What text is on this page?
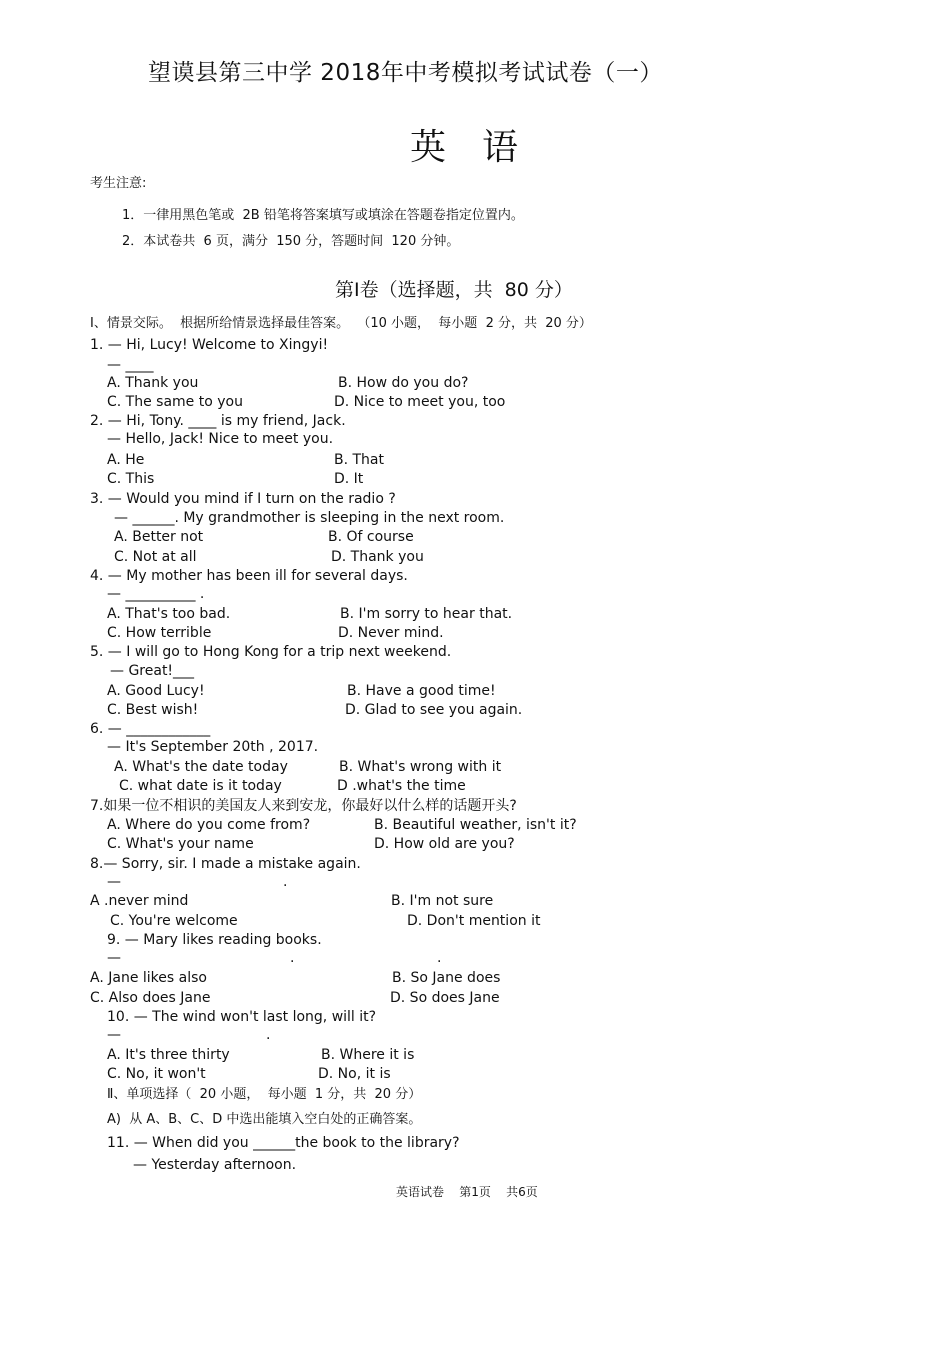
望谟县第三中学 2018年中考模拟考试试卷（一）
英　语
考生注意:
1．一律用黑色笔或  2B 铅笔将答案填写或填涂在答题卷指定位置内。
2．本试卷共  6 页，满分  150 分，答题时间  120 分钟。
第Ⅰ卷（选择题，共  80 分）
Ⅰ、情景交际。  根据所给情景选择最佳答案。  （10 小题，  每小题  2 分，共  20 分）
1. — Hi, Lucy! Welcome to Xingyi!
— ____
A. Thank you	B. How do you do?
C. The same to you	D. Nice to meet you, too
2. — Hi, Tony. ____ is my friend, Jack.
— Hello, Jack! Nice to meet you.
A. He	B. That
C. This	D. It
3. — Would you mind if I turn on the radio ?
— ______. My grandmother is sleeping in the next room.
A. Better not	B. Of course
C. Not at all	D. Thank you
4. — My mother has been ill for several days.
— __________ .
A. That's too bad.	B. I'm sorry to hear that.
C. How terrible	D. Never mind.
5. — I will go to Hong Kong for a trip next weekend.
— Great!___
A. Good Lucy!	B. Have a good time!
C. Best wish!	D. Glad to see you again.
6. — ____________
— It's September 20th , 2017.
A. What's the date today	B. What's wrong with it
C. what date is it today	D .what's the time
7.如果一位不相识的美国友人来到安龙，你最好以什么样的话题开头?
A. Where do you come from?	B. Beautiful weather, isn't it?
C. What's your name	D. How old are you?
8.— Sorry, sir. I made a mistake again.
—	.
A .never mind	B. I'm not sure
C. You're welcome	D. Don't mention it
9. — Mary likes reading books.
—	.	.
A. Jane likes also	B. So Jane does
C. Also does Jane	D. So does Jane
10. — The wind won't last long, will it?
—	.
A. It's three thirty	B. Where it is
C. No, it won't	D. No, it is
Ⅱ、单项选择（  20 小题，  每小题  1 分，共  20 分）
A)  从 A、B、C、D 中选出能填入空白处的正确答案。
11. — When did you ______the book to the library?
— Yesterday afternoon.
英语试卷    第1页    共6页
